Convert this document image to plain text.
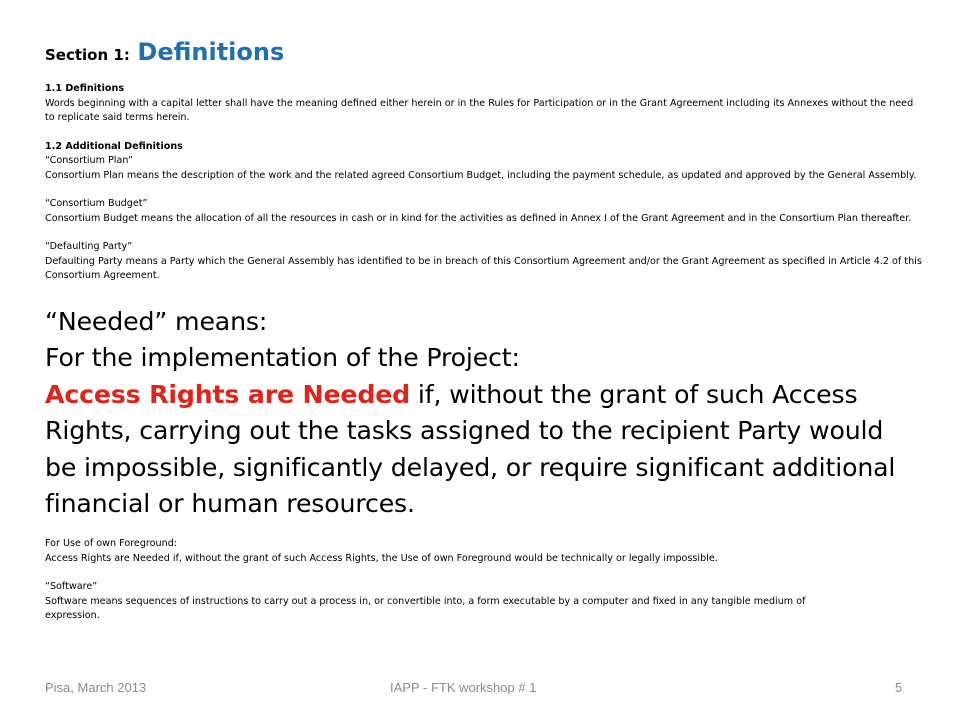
Section 1: Definitions
1.1 Definitions
Words beginning with a capital letter shall have the meaning defined either herein or in the Rules for Participation or in the Grant Agreement including its Annexes without the need
to replicate said terms herein.
1.2 Additional Definitions
“Consortium Plan”
Consortium Plan means the description of the work and the related agreed Consortium Budget, including the payment schedule, as updated and approved by the General Assembly.
“Consortium Budget”
Consortium Budget means the allocation of all the resources in cash or in kind for the activities as defined in Annex I of the Grant Agreement and in the Consortium Plan thereafter.
“Defaulting Party”
Defaulting Party means a Party which the General Assembly has identified to be in breach of this Consortium Agreement and/or the Grant Agreement as specified in Article 4.2 of this
Consortium Agreement.
“Needed” means:
For the implementation of the Project:
Access Rights are Needed if, without the grant of such Access
Rights, carrying out the tasks assigned to the recipient Party would
be impossible, significantly delayed, or require significant additional
financial or human resources.
For Use of own Foreground:
Access Rights are Needed if, without the grant of such Access Rights, the Use of own Foreground would be technically or legally impossible.
“Software”
Software means sequences of instructions to carry out a process in, or convertible into, a form executable by a computer and fixed in any tangible medium of
expression.
Pisa, March 2013	IAPP - FTK workshop # 1	5
